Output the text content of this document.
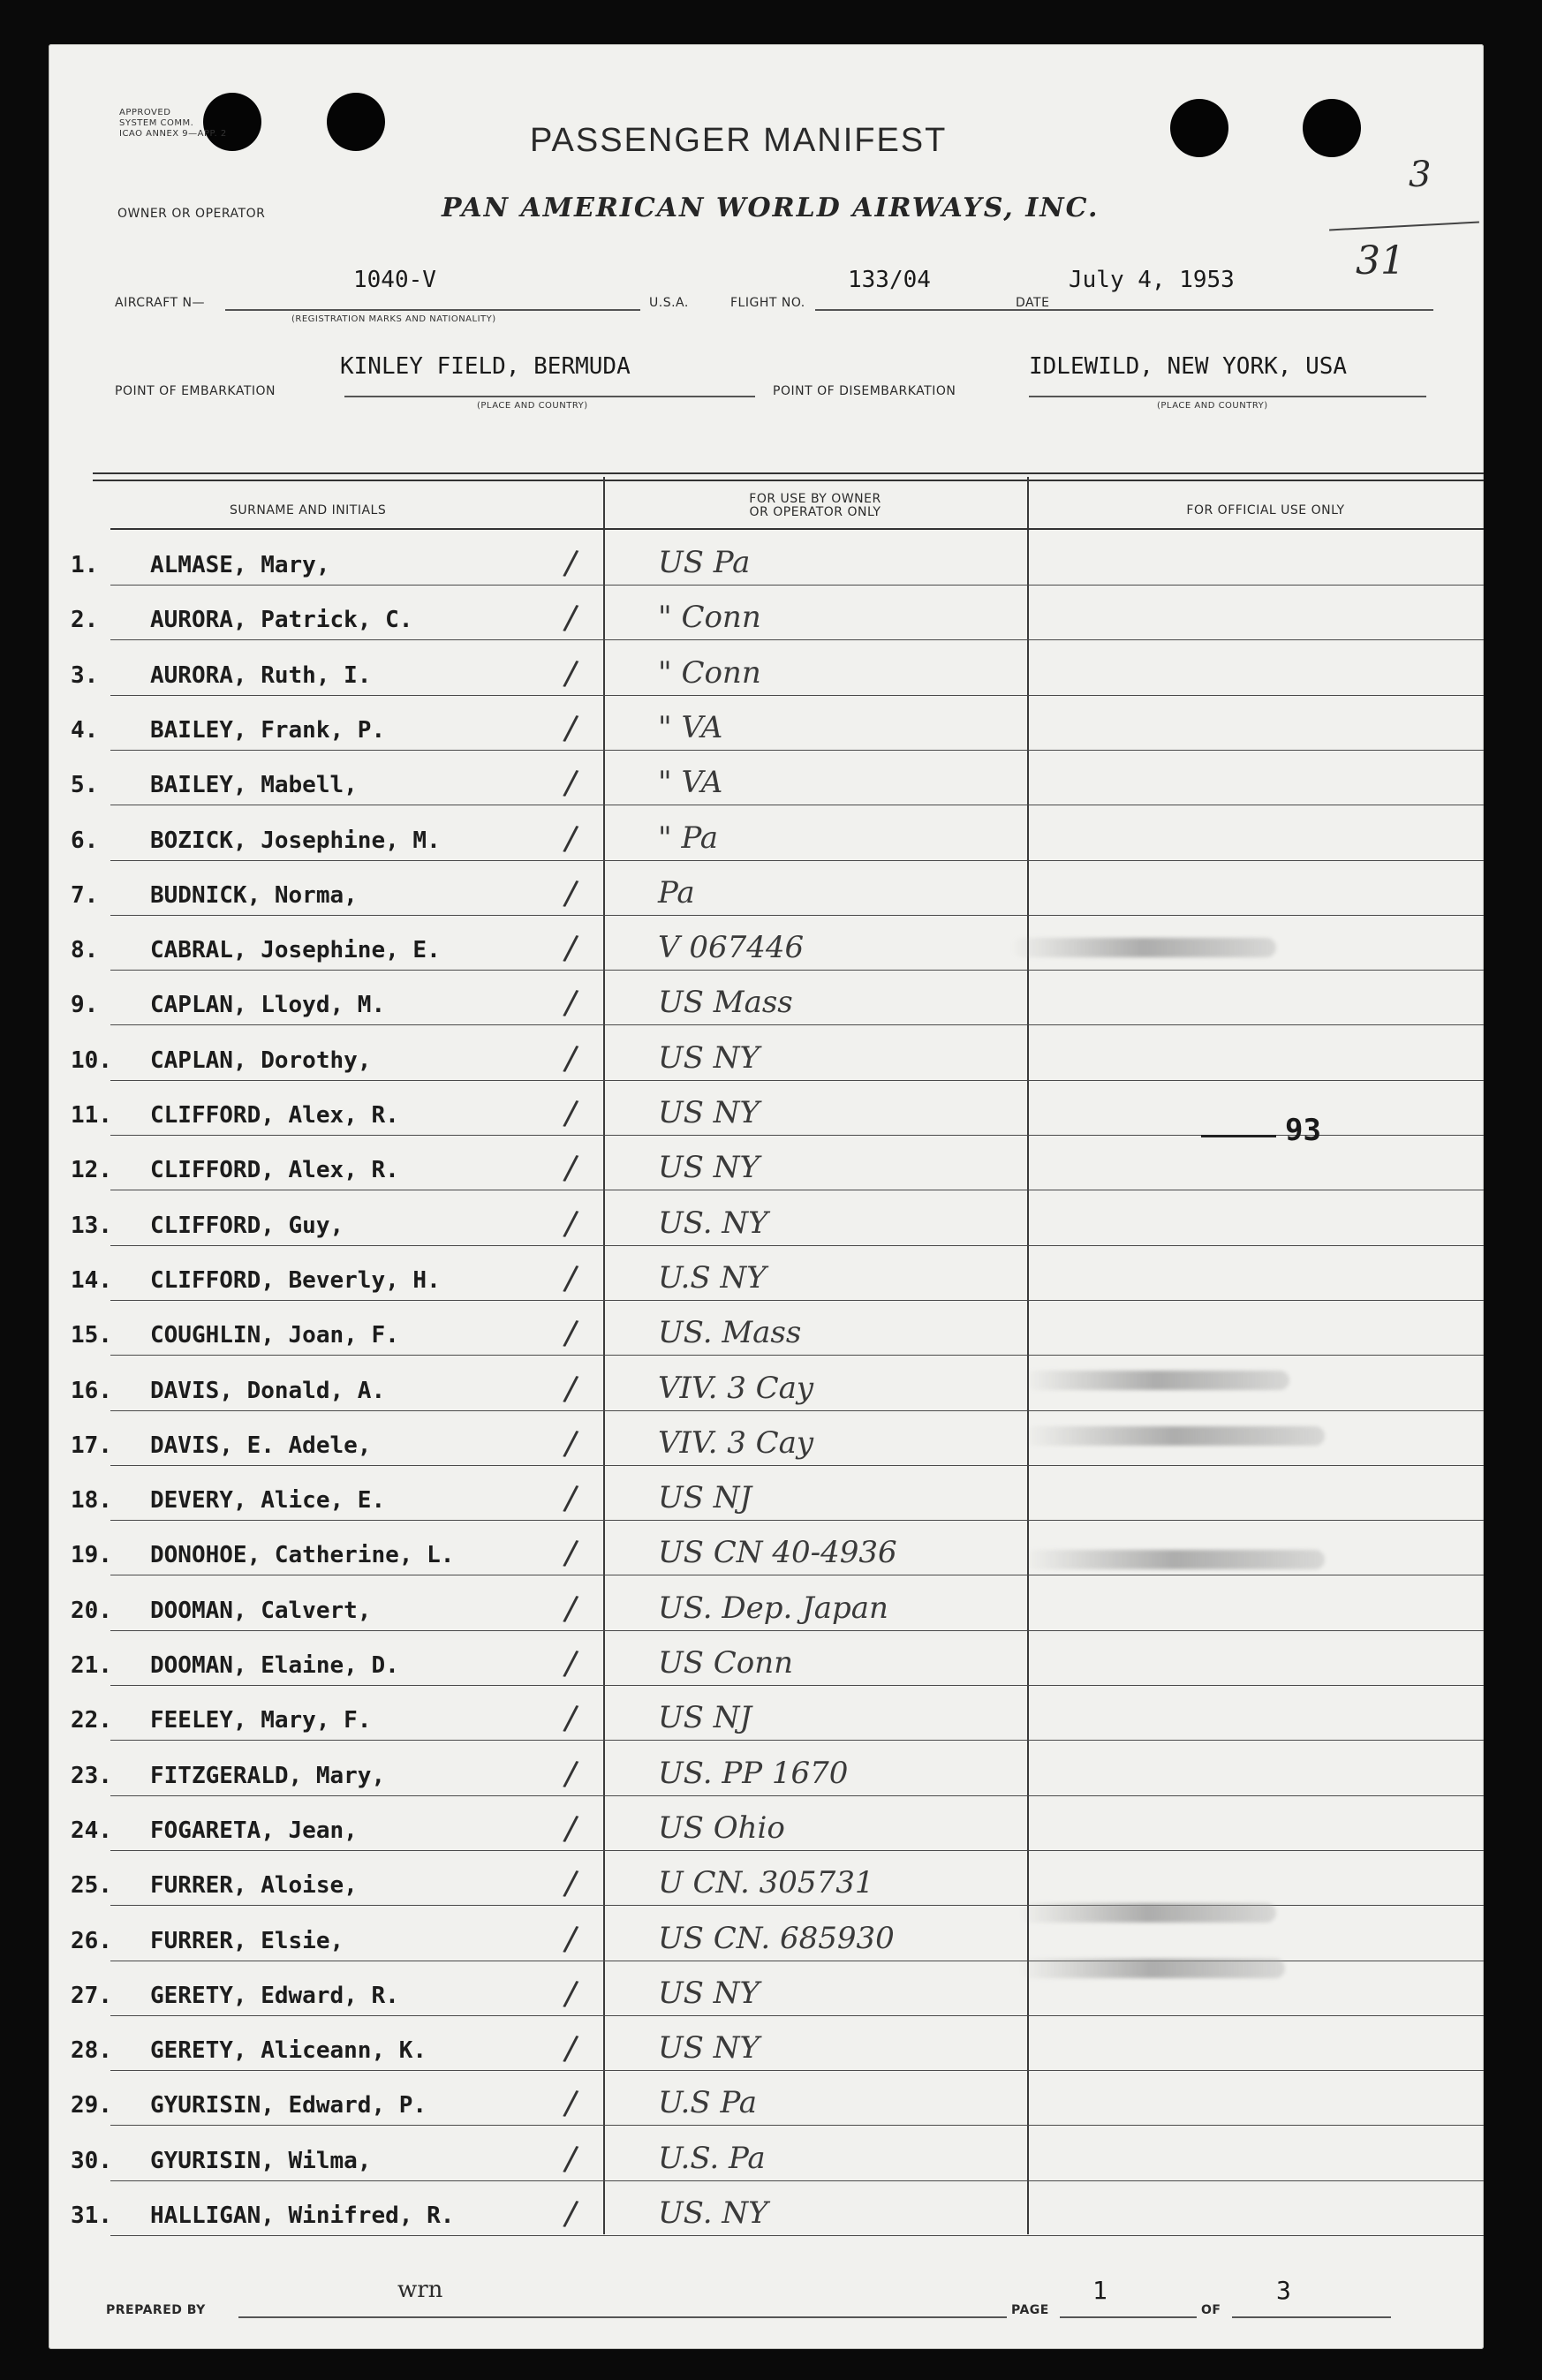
APPROVED
SYSTEM COMM.
ICAO ANNEX 9—APP. 2	PASSENGER MANIFEST
OWNER OR OPERATOR	PAN AMERICAN WORLD AIRWAYS, INC.
3
31
AIRCRAFT N—
1040-V
(REGISTRATION MARKS AND NATIONALITY)
U.S.A.	FLIGHT NO.
133/04
DATE
July 4, 1953
POINT OF EMBARKATION
KINLEY FIELD, BERMUDA
(PLACE AND COUNTRY)
POINT OF DISEMBARKATION
IDLEWILD, NEW YORK, USA
(PLACE AND COUNTRY)
SURNAME AND INITIALS
FOR USE BY OWNER
OR OPERATOR ONLY	FOR OFFICIAL USE ONLY
1.	ALMASE, Mary,	/	US Pa
2.	AURORA, Patrick, C.	/	" Conn
3.	AURORA, Ruth, I.	/	" Conn
4.	BAILEY, Frank, P.	/	" VA
5.	BAILEY, Mabell,	/	" VA
6.	BOZICK, Josephine, M.	/	" Pa
7.	BUDNICK, Norma,	/	Pa
8.	CABRAL, Josephine, E.	/	V 067446
9.	CAPLAN, Lloyd, M.	/	US Mass
10.	CAPLAN, Dorothy,	/	US NY
11.	CLIFFORD, Alex, R.	/	US NY
12.	CLIFFORD, Alex, R.	/	US NY
13.	CLIFFORD, Guy,	/	US. NY
14.	CLIFFORD, Beverly, H.	/	U.S NY
15.	COUGHLIN, Joan, F.	/	US. Mass
16.	DAVIS, Donald, A.	/	VIV. 3 Cay
17.	DAVIS, E. Adele,	/	VIV. 3 Cay
18.	DEVERY, Alice, E.	/	US NJ
19.	DONOHOE, Catherine, L.	/	US CN 40-4936
20.	DOOMAN, Calvert,	/	US. Dep. Japan
21.	DOOMAN, Elaine, D.	/	US Conn
22.	FEELEY, Mary, F.	/	US NJ
23.	FITZGERALD, Mary,	/	US. PP 1670
24.	FOGARETA, Jean,	/	US Ohio
25.	FURRER, Aloise,	/	U CN. 305731
26.	FURRER, Elsie,	/	US CN. 685930
27.	GERETY, Edward, R.	/	US NY
28.	GERETY, Aliceann, K.	/	US NY
29.	GYURISIN, Edward, P.	/	U.S Pa
30.	GYURISIN, Wilma,	/	U.S. Pa
31.	HALLIGAN, Winifred, R.	/	US. NY
93
PREPARED BY
wrn
PAGE
1
OF
3
